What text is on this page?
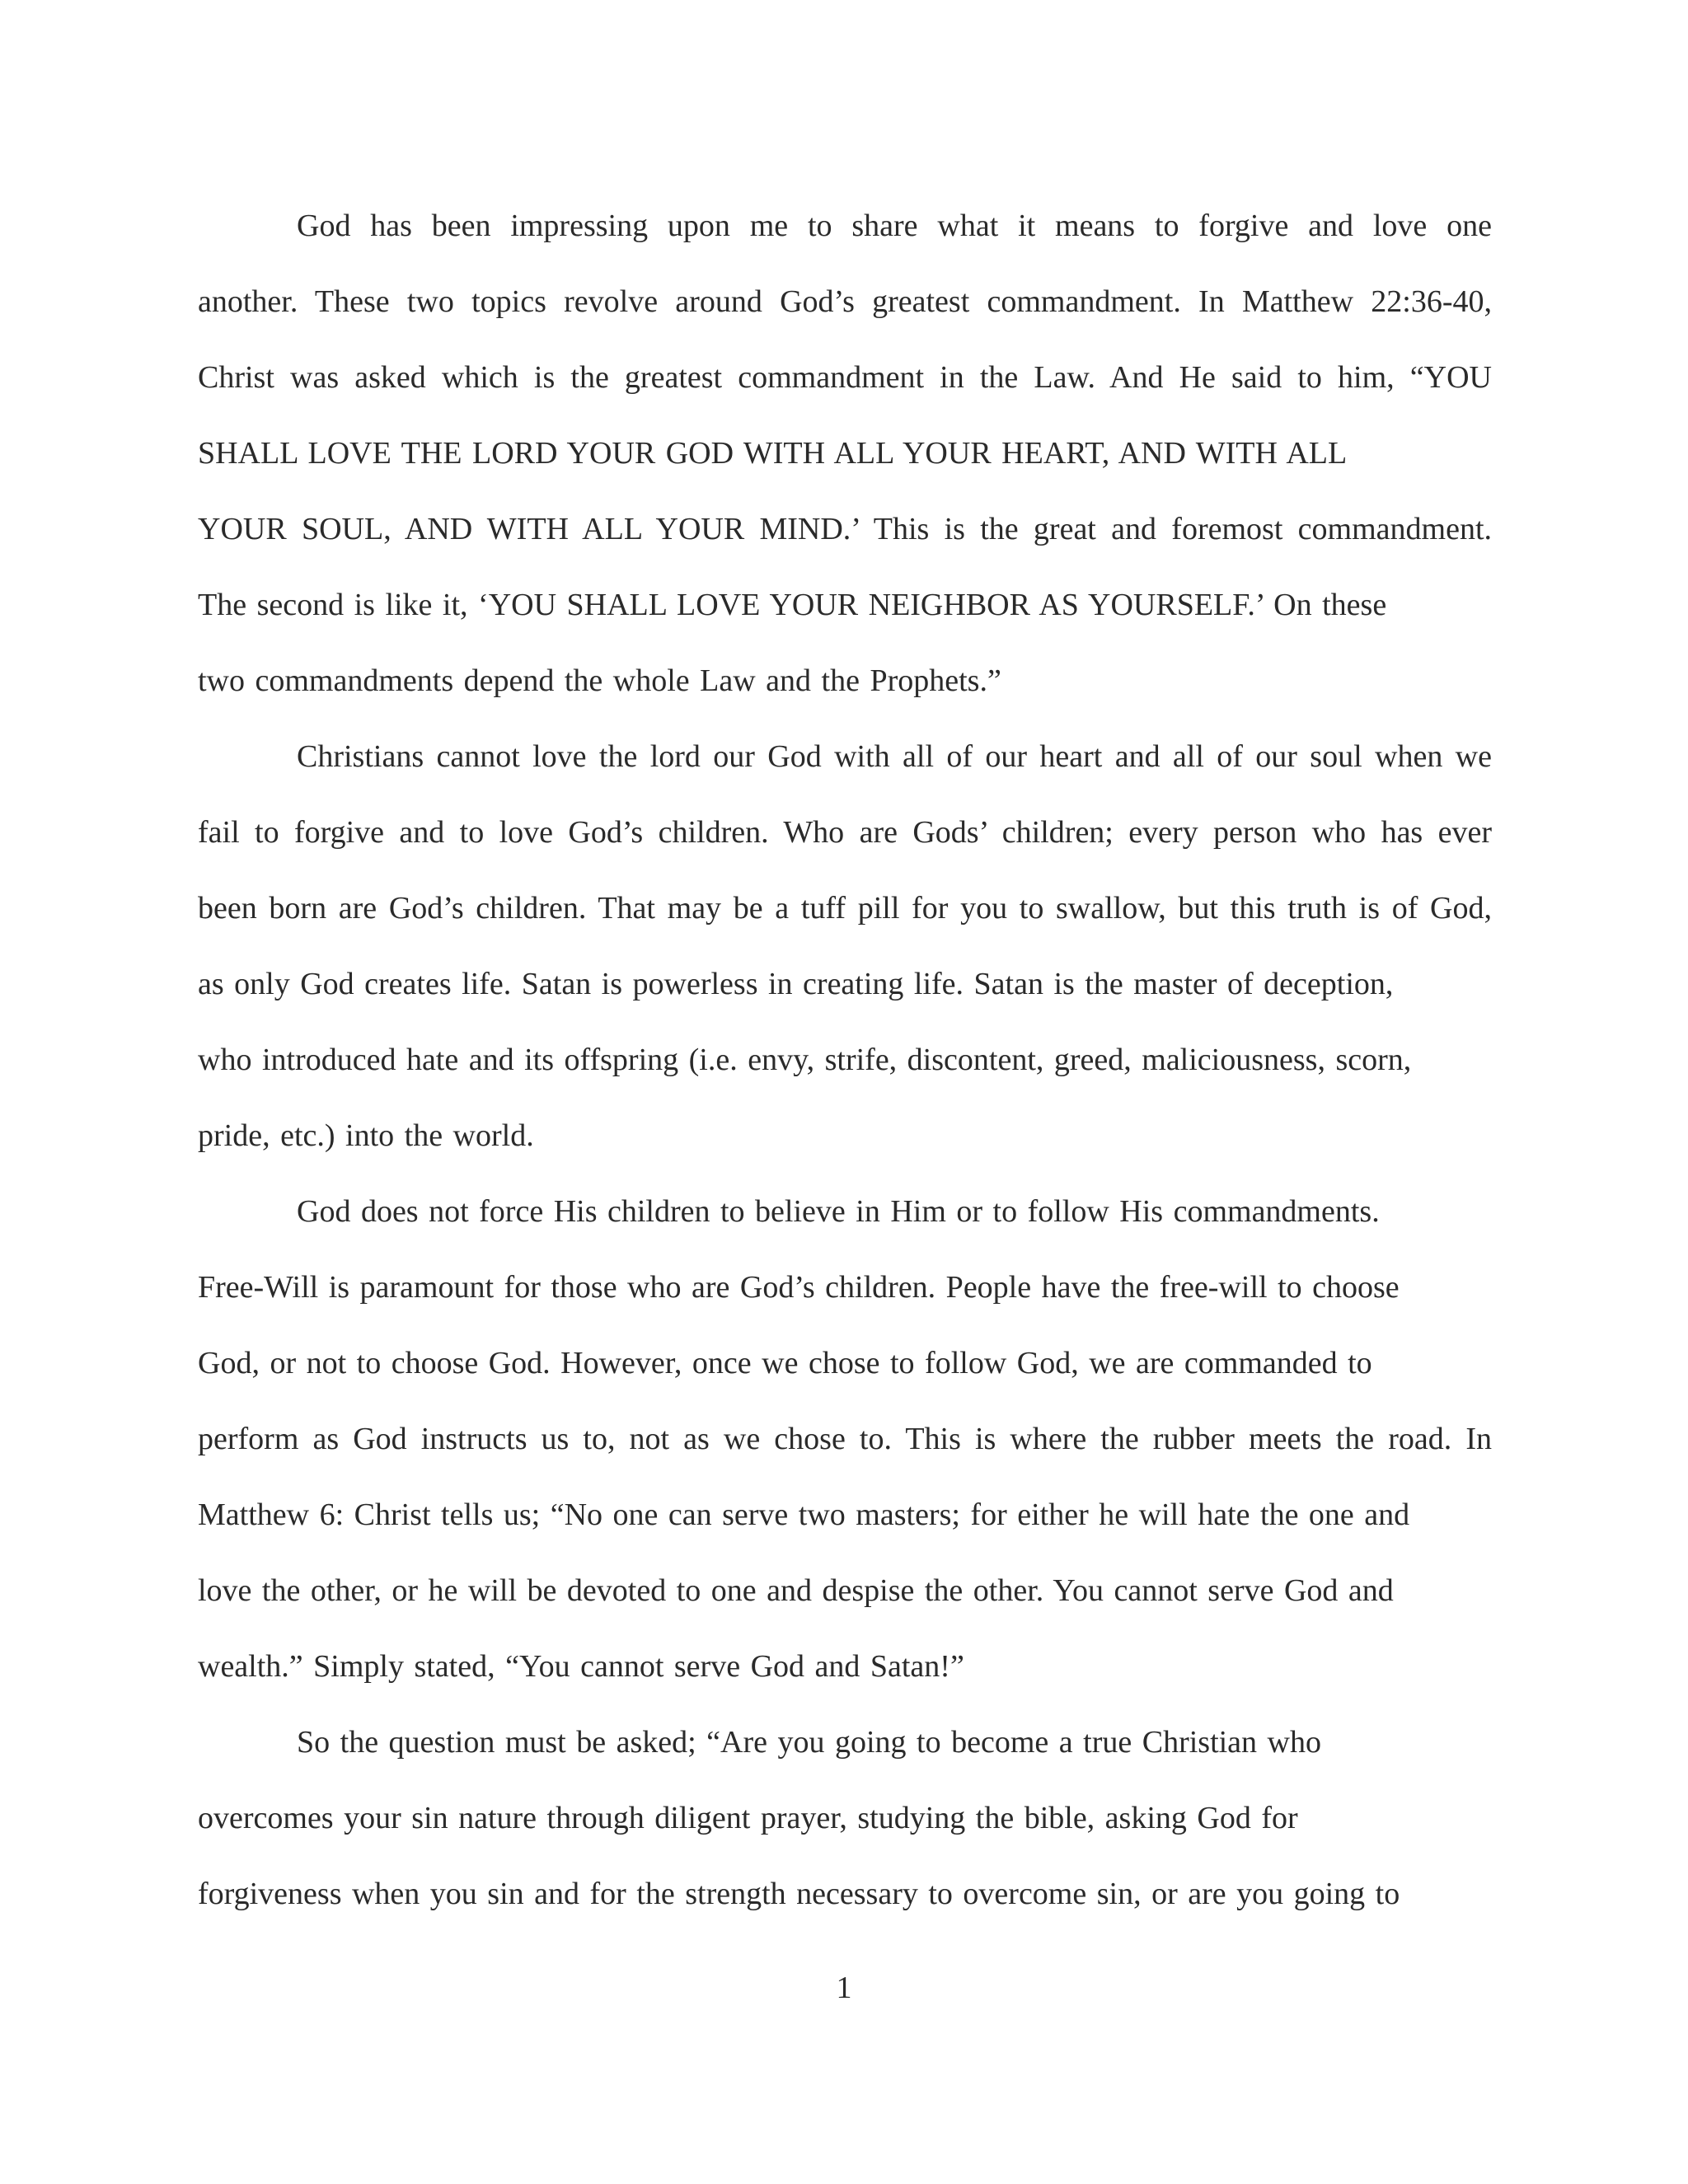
God has been impressing upon me to share what it means to forgive and love one
another. These two topics revolve around God’s greatest commandment. In Matthew 22:36-40,
Christ was asked which is the greatest commandment in the Law. And He said to him, “YOU
SHALL LOVE THE LORD YOUR GOD WITH ALL YOUR HEART, AND WITH ALL
YOUR SOUL, AND WITH ALL YOUR MIND.’ This is the great and foremost commandment.
The second is like it, ‘YOU SHALL LOVE YOUR NEIGHBOR AS YOURSELF.’ On these
two commandments depend the whole Law and the Prophets.”

Christians cannot love the lord our God with all of our heart and all of our soul when we
fail to forgive and to love God’s children. Who are Gods’ children; every person who has ever
been born are God’s children. That may be a tuff pill for you to swallow, but this truth is of God,
as only God creates life. Satan is powerless in creating life. Satan is the master of deception,
who introduced hate and its offspring (i.e. envy, strife, discontent, greed, maliciousness, scorn,
pride, etc.) into the world.

God does not force His children to believe in Him or to follow His commandments.
Free-Will is paramount for those who are God’s children. People have the free-will to choose
God, or not to choose God. However, once we chose to follow God, we are commanded to
perform as God instructs us to, not as we chose to. This is where the rubber meets the road. In
Matthew 6: Christ tells us; “No one can serve two masters; for either he will hate the one and
love the other, or he will be devoted to one and despise the other. You cannot serve God and
wealth.” Simply stated, “You cannot serve God and Satan!”

So the question must be asked; “Are you going to become a true Christian who
overcomes your sin nature through diligent prayer, studying the bible, asking God for
forgiveness when you sin and for the strength necessary to overcome sin, or are you going to

1
